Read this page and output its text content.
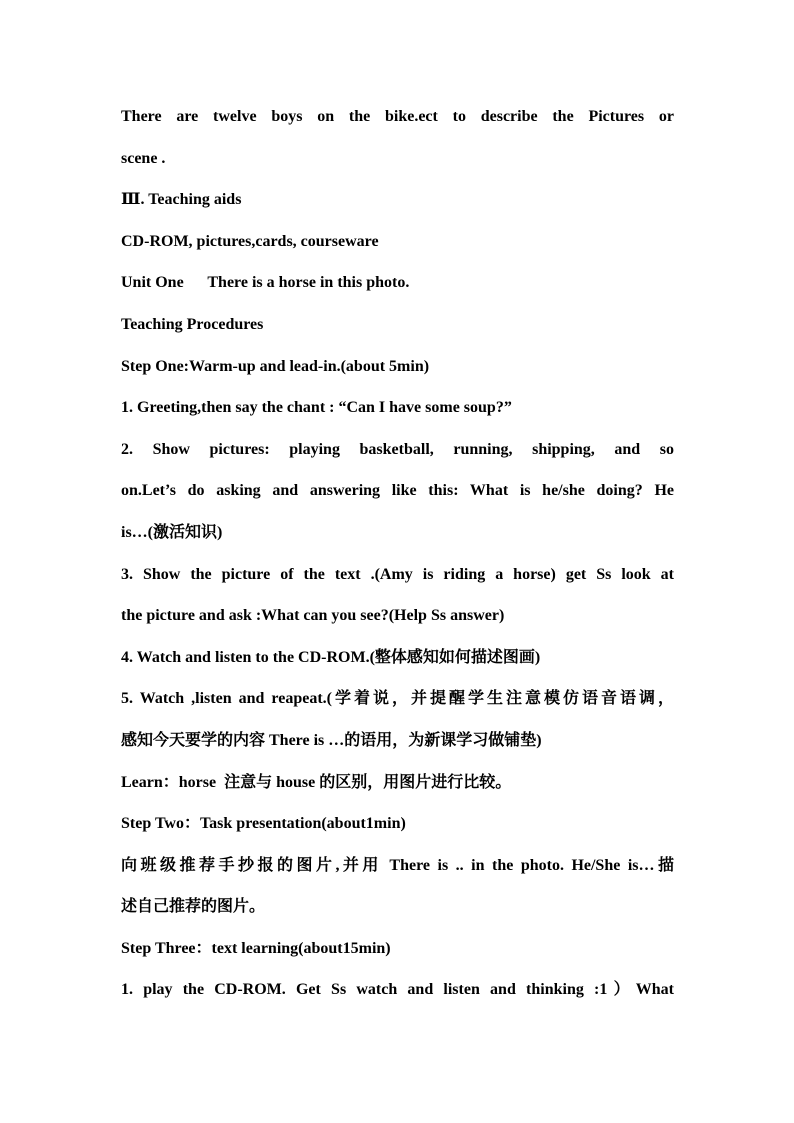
There are twelve boys on the bike.ect to describe the Pictures or
scene .
Ⅲ. Teaching aids
CD-ROM, pictures,cards, courseware
Unit One      There is a horse in this photo.
Teaching Procedures
Step One:Warm-up and lead-in.(about 5min)
1. Greeting,then say the chant : “Can I have some soup?”
2. Show pictures: playing basketball, running, shipping, and so
on.Let’s do asking and answering like this: What is he/she doing? He
is…(激活知识)
3. Show the picture of the text .(Amy is riding a horse) get Ss look at
the picture and ask :What can you see?(Help Ss answer)
4. Watch and listen to the CD-ROM.(整体感知如何描述图画)
5. Watch ,listen and reapeat.(学着说，并提醒学生注意模仿语音语调，
感知今天要学的内容 There is …的语用，为新课学习做铺垫)
Learn：horse  注意与 house 的区别，用图片进行比较。
Step Two：Task presentation(about1min)
向班级推荐手抄报的图片,并用 There is .. in the photo. He/She is…描
述自己推荐的图片。
Step Three：text learning(about15min)
1. play the CD-ROM. Get Ss watch and listen and thinking :1）What
